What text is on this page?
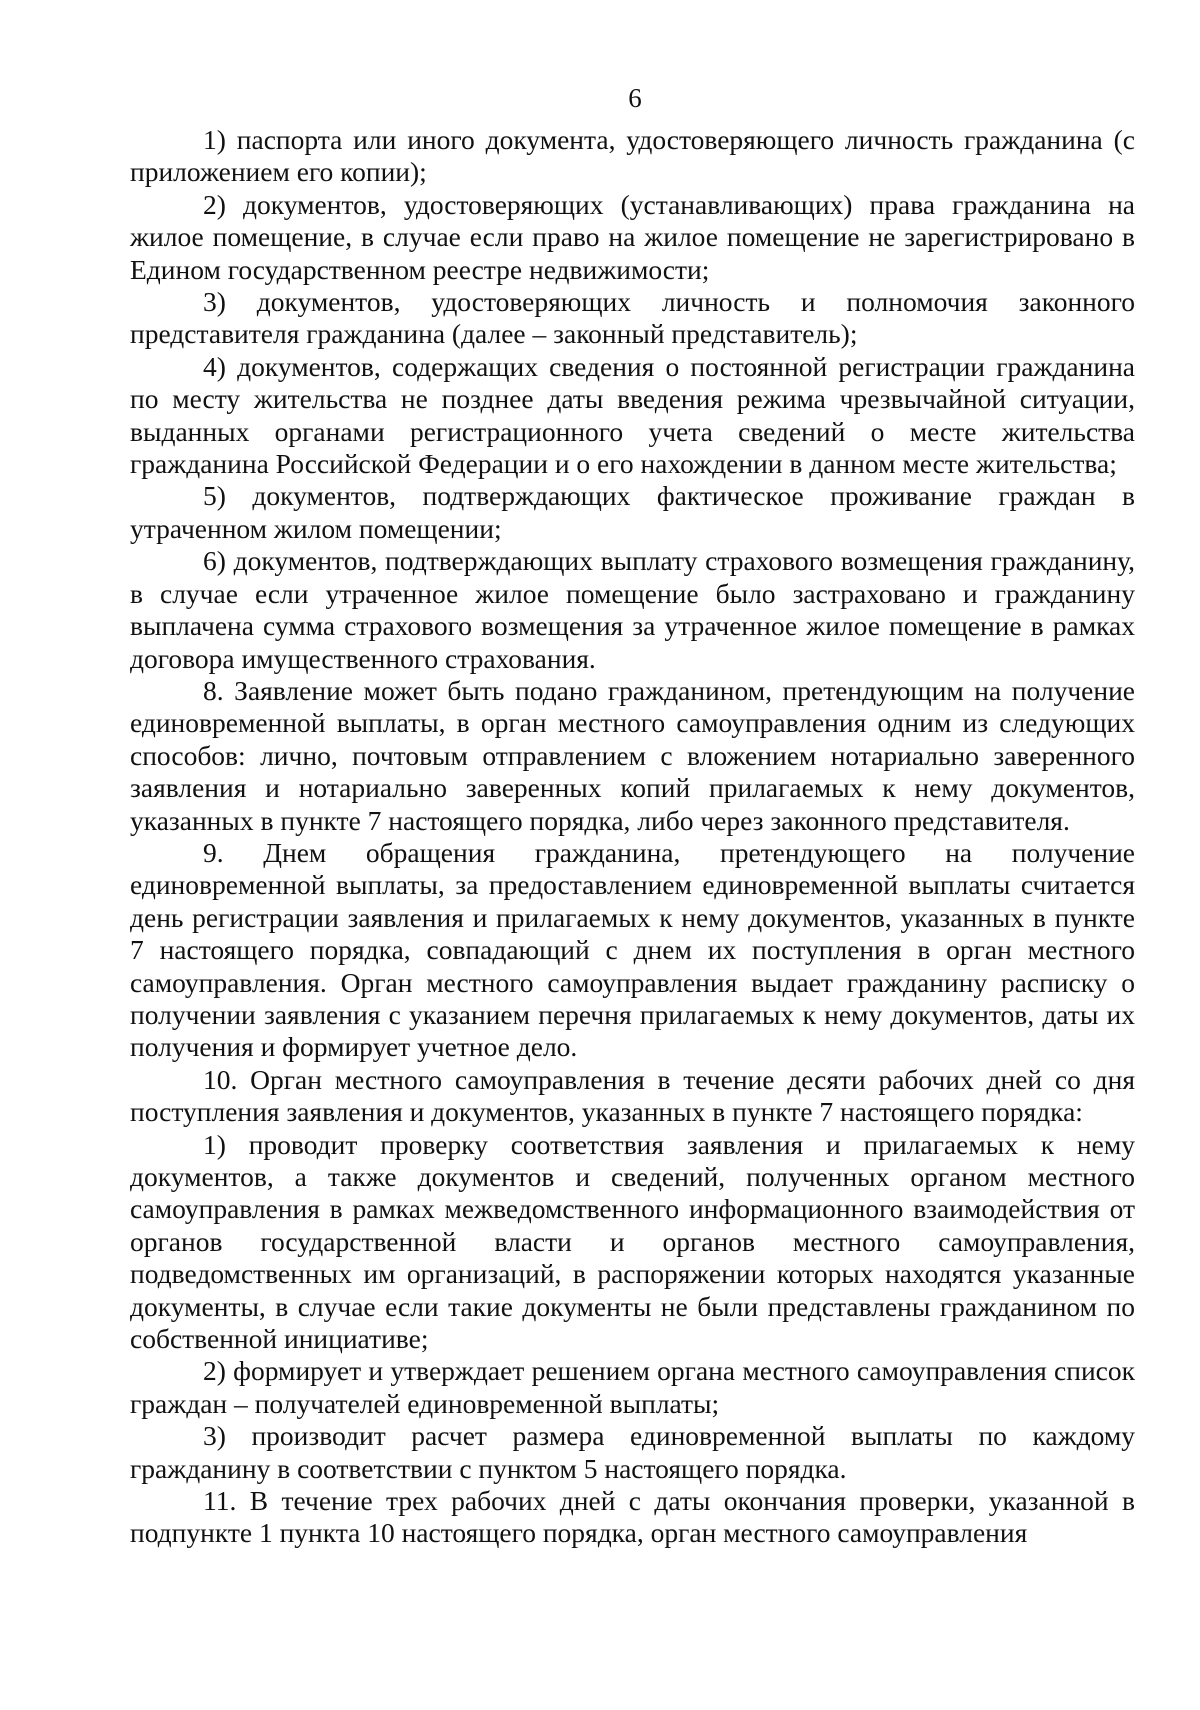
6

1) паспорта или иного документа, удостоверяющего личность гражданина (с приложением его копии);

2) документов, удостоверяющих (устанавливающих) права гражданина на жилое помещение, в случае если право на жилое помещение не зарегистрировано в Едином государственном реестре недвижимости;

3) документов, удостоверяющих личность и полномочия законного представителя гражданина (далее – законный представитель);

4) документов, содержащих сведения о постоянной регистрации гражданина по месту жительства не позднее даты введения режима чрезвычайной ситуации, выданных органами регистрационного учета сведений о месте жительства гражданина Российской Федерации и о его нахождении в данном месте жительства;

5) документов, подтверждающих фактическое проживание граждан в утраченном жилом помещении;

6) документов, подтверждающих выплату страхового возмещения гражданину, в случае если утраченное жилое помещение было застраховано и гражданину выплачена сумма страхового возмещения за утраченное жилое помещение в рамках договора имущественного страхования.

8. Заявление может быть подано гражданином, претендующим на получение единовременной выплаты, в орган местного самоуправления одним из следующих способов: лично, почтовым отправлением с вложением нотариально заверенного заявления и нотариально заверенных копий прилагаемых к нему документов, указанных в пункте 7 настоящего порядка, либо через законного представителя.

9. Днем обращения гражданина, претендующего на получение единовременной выплаты, за предоставлением единовременной выплаты считается день регистрации заявления и прилагаемых к нему документов, указанных в пункте 7 настоящего порядка, совпадающий с днем их поступления в орган местного самоуправления. Орган местного самоуправления выдает гражданину расписку о получении заявления с указанием перечня прилагаемых к нему документов, даты их получения и формирует учетное дело.

10. Орган местного самоуправления в течение десяти рабочих дней со дня поступления заявления и документов, указанных в пункте 7 настоящего порядка:

1) проводит проверку соответствия заявления и прилагаемых к нему документов, а также документов и сведений, полученных органом местного самоуправления в рамках межведомственного информационного взаимодействия от органов государственной власти и органов местного самоуправления, подведомственных им организаций, в распоряжении которых находятся указанные документы, в случае если такие документы не были представлены гражданином по собственной инициативе;

2) формирует и утверждает решением органа местного самоуправления список граждан – получателей единовременной выплаты;

3) производит расчет размера единовременной выплаты по каждому гражданину в соответствии с пунктом 5 настоящего порядка.

11. В течение трех рабочих дней с даты окончания проверки, указанной в подпункте 1 пункта 10 настоящего порядка, орган местного самоуправления
